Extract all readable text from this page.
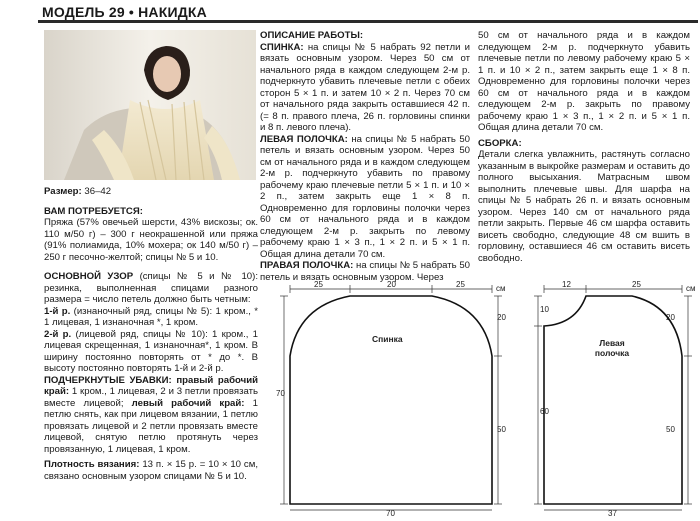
МОДЕЛЬ 29 • НАКИДКА

Размер: 36–42

ВАМ ПОТРЕБУЕТСЯ:

Пряжа (57% овечьей шерсти, 43% вискозы; ок. 110 м/50 г) – 300 г неокрашенной или пряжа (91% полиамида, 10% мохера; ок 140 м/50 г) – 250 г песочно-желтой; спицы № 5 и 10.

ОСНОВНОЙ УЗОР (спицы № 5 и № 10): резинка, выполненная спицами разного размера = число петель должно быть четным:

1-й р. (изнаночный ряд, спицы № 5): 1 кром., * 1 лицевая, 1 изнаночная *, 1 кром.

2-й р. (лицевой ряд, спицы № 10): 1 кром., 1 лицевая скрещенная, 1 изнаночная*, 1 кром. В ширину постоянно повторять от * до *. В высоту постоянно повторять 1-й и 2-й р.

ПОДЧЕРКНУТЫЕ УБАВКИ: правый рабочий край: 1 кром., 1 лицевая, 2 и 3 петли провязать вместе лицевой; левый рабочий край: 1 петлю снять, как при лицевом вязании, 1 петлю провязать лицевой и 2 петли провязать вместе лицевой, снятую петлю протянуть через провязанную, 1 лицевая, 1 кром.

Плотность вязания: 13 п. × 15 р. = 10 × 10 см, связано основным узором спицами № 5 и 10.

ОПИСАНИЕ РАБОТЫ:

СПИНКА: на спицы № 5 набрать 92 петли и вязать основным узором. Через 50 см от начального ряда в каждом следующем 2-м р. подчеркнуто убавить плечевые петли с обеих сторон 5 × 1 п. и затем 10 × 2 п. Через 70 см от начального ряда закрыть оставшиеся 42 п. (= 8 п. правого плеча, 26 п. горловины спинки и 8 п. левого плеча).

ЛЕВАЯ ПОЛОЧКА: на спицы № 5 набрать 50 петель и вязать основным узором. Через 50 см от начального ряда и в каждом следующем 2-м р. подчеркнуто убавить по правому рабочему краю плечевые петли 5 × 1 п. и 10 × 2 п., затем закрыть еще 1 × 8 п. Одновременно для горловины полочки через 60 см от начального ряда и в каждом следующем 2-м р. закрыть по левому рабочему краю 1 × 3 п., 1 × 2 п. и 5 × 1 п. Общая длина детали 70 см.

ПРАВАЯ ПОЛОЧКА: на спицы № 5 набрать 50 петель и вязать основным узором. Через

50 см от начального ряда и в каждом следующем 2-м р. подчеркнуто убавить плечевые петли по левому рабочему краю 5 × 1 п. и 10 × 2 п., затем закрыть еще 1 × 8 п. Одновременно для горловины полочки через 60 см от начального ряда и в каждом следующем 2-м р. закрыть по правому рабочему краю 1 × 3 п., 1 × 2 п. и 5 × 1 п. Общая длина детали 70 см.

СБОРКА:

Детали слегка увлажнить, растянуть согласно указанным в выкройке размерам и оставить до полного высыхания. Матрасным швом выполнить плечевые швы. Для шарфа на спицы № 5 набрать 26 п. и вязать основным узором. Через 140 см от начального ряда петли закрыть. Первые 46 см шарфа оставить висеть свободно, следующие 48 см вшить в горловину, оставшиеся 46 см оставить висеть свободно.

25	20	25	см
20
50
70
70
Спинка
12	25	см
10
60
20
50
37
Левая
полочка
